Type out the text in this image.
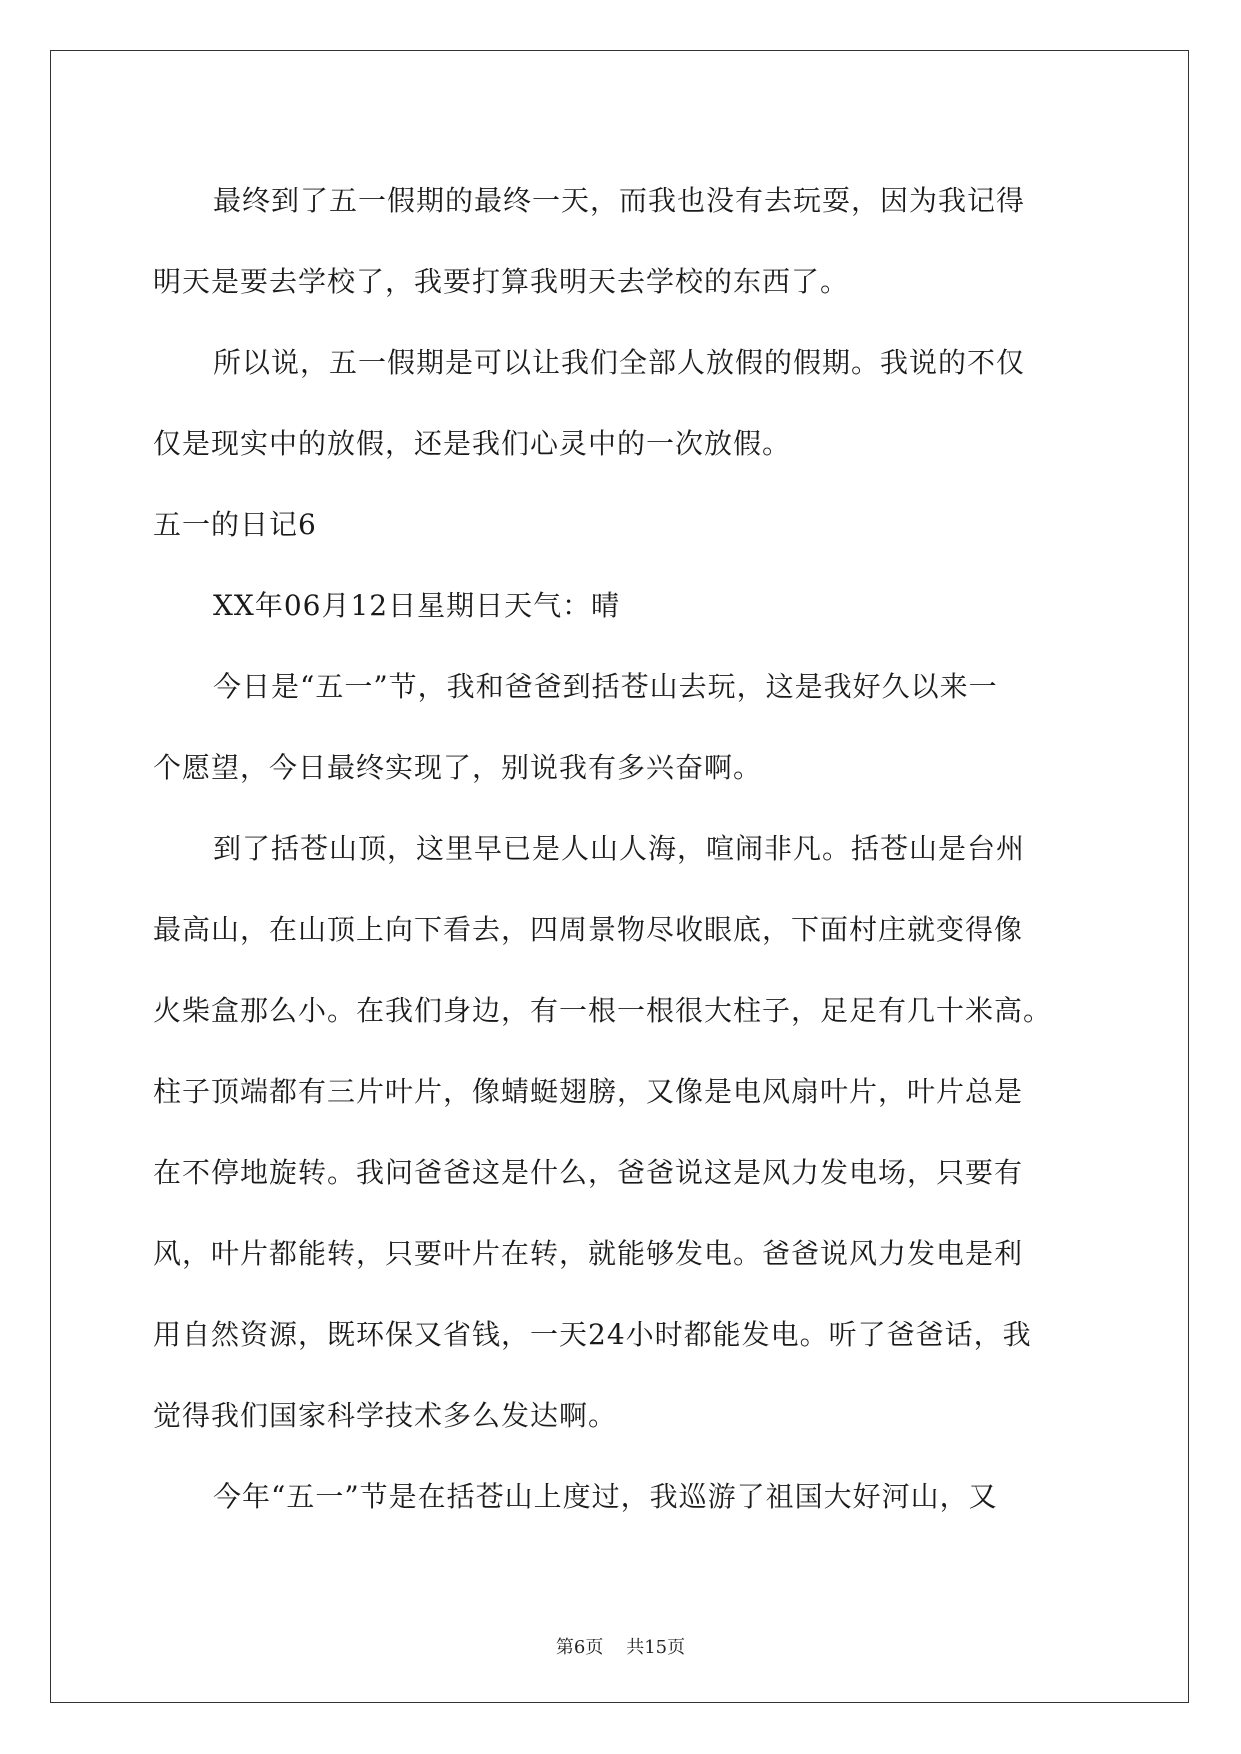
最终到了五一假期的最终一天，而我也没有去玩耍，因为我记得
明天是要去学校了，我要打算我明天去学校的东西了。
所以说，五一假期是可以让我们全部人放假的假期。我说的不仅
仅是现实中的放假，还是我们心灵中的一次放假。
五一的日记6
XX年06月12日星期日天气：晴
今日是“五一”节，我和爸爸到括苍山去玩，这是我好久以来一
个愿望，今日最终实现了，别说我有多兴奋啊。
到了括苍山顶，这里早已是人山人海，喧闹非凡。括苍山是台州
最高山，在山顶上向下看去，四周景物尽收眼底，下面村庄就变得像
火柴盒那么小。在我们身边，有一根一根很大柱子，足足有几十米高。
柱子顶端都有三片叶片，像蜻蜓翅膀，又像是电风扇叶片，叶片总是
在不停地旋转。我问爸爸这是什么，爸爸说这是风力发电场，只要有
风，叶片都能转，只要叶片在转，就能够发电。爸爸说风力发电是利
用自然资源，既环保又省钱，一天24小时都能发电。听了爸爸话，我
觉得我们国家科学技术多么发达啊。
今年“五一”节是在括苍山上度过，我巡游了祖国大好河山，又
第6页    共15页
